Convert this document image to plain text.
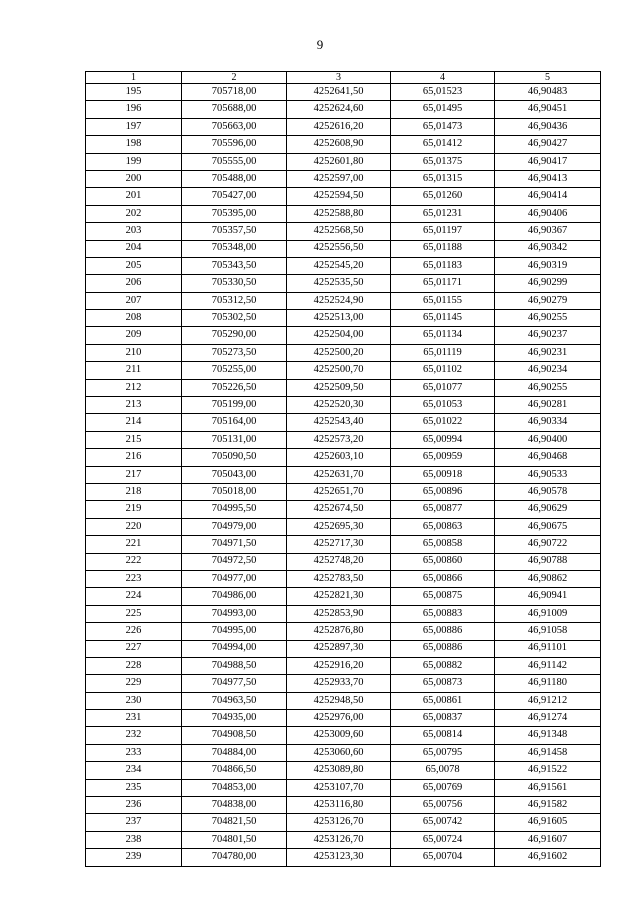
9
1	2	3	4	5
195	705718,00	4252641,50	65,01523	46,90483
196	705688,00	4252624,60	65,01495	46,90451
197	705663,00	4252616,20	65,01473	46,90436
198	705596,00	4252608,90	65,01412	46,90427
199	705555,00	4252601,80	65,01375	46,90417
200	705488,00	4252597,00	65,01315	46,90413
201	705427,00	4252594,50	65,01260	46,90414
202	705395,00	4252588,80	65,01231	46,90406
203	705357,50	4252568,50	65,01197	46,90367
204	705348,00	4252556,50	65,01188	46,90342
205	705343,50	4252545,20	65,01183	46,90319
206	705330,50	4252535,50	65,01171	46,90299
207	705312,50	4252524,90	65,01155	46,90279
208	705302,50	4252513,00	65,01145	46,90255
209	705290,00	4252504,00	65,01134	46,90237
210	705273,50	4252500,20	65,01119	46,90231
211	705255,00	4252500,70	65,01102	46,90234
212	705226,50	4252509,50	65,01077	46,90255
213	705199,00	4252520,30	65,01053	46,90281
214	705164,00	4252543,40	65,01022	46,90334
215	705131,00	4252573,20	65,00994	46,90400
216	705090,50	4252603,10	65,00959	46,90468
217	705043,00	4252631,70	65,00918	46,90533
218	705018,00	4252651,70	65,00896	46,90578
219	704995,50	4252674,50	65,00877	46,90629
220	704979,00	4252695,30	65,00863	46,90675
221	704971,50	4252717,30	65,00858	46,90722
222	704972,50	4252748,20	65,00860	46,90788
223	704977,00	4252783,50	65,00866	46,90862
224	704986,00	4252821,30	65,00875	46,90941
225	704993,00	4252853,90	65,00883	46,91009
226	704995,00	4252876,80	65,00886	46,91058
227	704994,00	4252897,30	65,00886	46,91101
228	704988,50	4252916,20	65,00882	46,91142
229	704977,50	4252933,70	65,00873	46,91180
230	704963,50	4252948,50	65,00861	46,91212
231	704935,00	4252976,00	65,00837	46,91274
232	704908,50	4253009,60	65,00814	46,91348
233	704884,00	4253060,60	65,00795	46,91458
234	704866,50	4253089,80	65,0078	46,91522
235	704853,00	4253107,70	65,00769	46,91561
236	704838,00	4253116,80	65,00756	46,91582
237	704821,50	4253126,70	65,00742	46,91605
238	704801,50	4253126,70	65,00724	46,91607
239	704780,00	4253123,30	65,00704	46,91602
